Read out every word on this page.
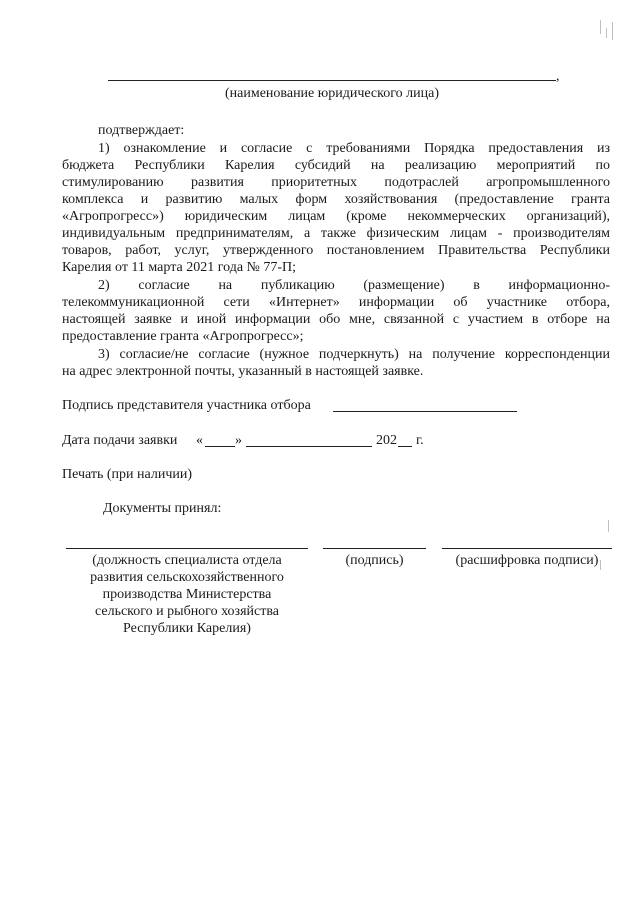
,
(наименование юридического лица)
подтверждает:
1) ознакомление и согласие с требованиями Порядка предоставления из
бюджета Республики Карелия субсидий на реализацию мероприятий по
стимулированию развития приоритетных подотраслей агропромышленного
комплекса и развитию малых форм хозяйствования (предоставление гранта
«Агропрогресс») юридическим лицам (кроме некоммерческих организаций),
индивидуальным предпринимателям, а также физическим лицам - производителям
товаров, работ, услуг, утвержденного постановлением Правительства Республики
Карелия от 11 марта 2021 года № 77-П;
2) согласие на публикацию (размещение) в информационно-
телекоммуникационной сети «Интернет» информации об участнике отбора,
настоящей заявке и иной информации обо мне, связанной с участием в отборе на
предоставление гранта «Агропрогресс»;
3) согласие/не согласие (нужное подчеркнуть) на получение корреспонденции
на адрес электронной почты, указанный в настоящей заявке.
Подпись представителя участника отбора
Дата подачи заявки « »	202 г.
Печать (при наличии)
Документы принял:
(должность специалиста отдела
развития сельскохозяйственного
производства Министерства
сельского и рыбного хозяйства
Республики Карелия)
(подпись)	(расшифровка подписи)
